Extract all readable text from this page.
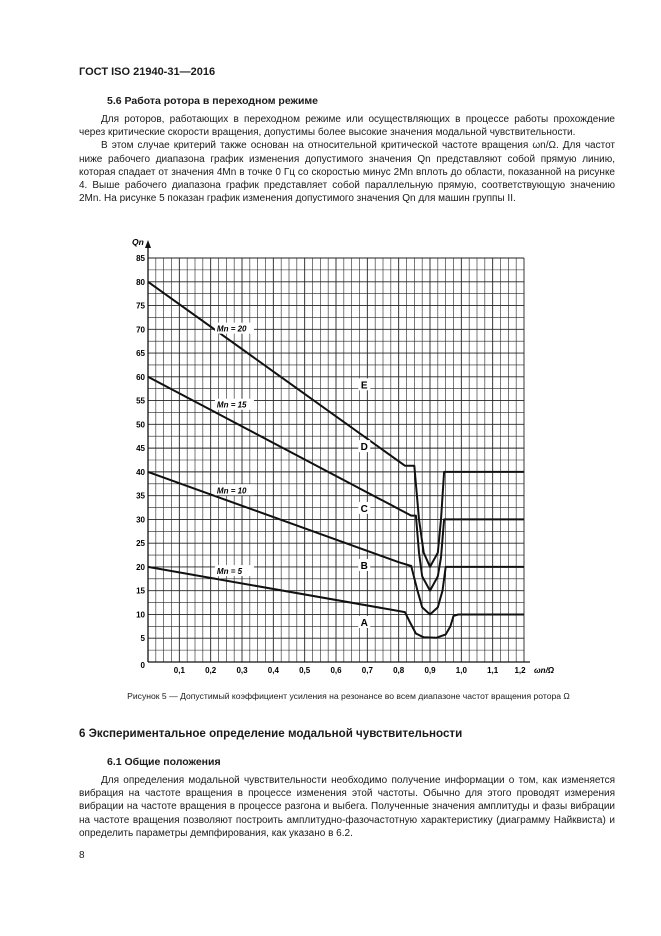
ГОСТ ISO 21940-31—2016
5.6 Работа ротора в переходном режиме

Для роторов, работающих в переходном режиме или осуществляющих в процессе работы прохождение через критические скорости вращения, допустимы более высокие значения модальной чувствительности.

В этом случае критерий также основан на относительной критической частоте вращения ωn/Ω. Для частот ниже рабочего диапазона график изменения допустимого значения Qn представляют собой прямую линию, которая спадает от значения 4Mn в точке 0 Гц со скоростью минус 2Mn вплоть до области, показанной на рисунке 4. Выше рабочего диапазона график представляет собой параллельную прямую, соответствующую значению 2Mn. На рисунке 5 показан график изменения допустимого значения Qn для машин группы II.

5
10
15
20
25
30
35
40
45
50
55
60
65
70
75
80
85
0
0,1	0,2	0,3	0,4	0,5	0,6	0,7	0,8	0,9	1,0	1,1 1,2 ωn/Ω
Qn
Mn = 20
Mn = 15
Mn = 10
Mn = 5
A
B
C
D
E
Рисунок 5 — Допустимый коэффициент усиления на резонансе во всем диапазоне частот вращения ротора Ω
6 Экспериментальное определение модальной чувствительности
6.1 Общие положения

Для определения модальной чувствительности необходимо получение информации о том, как изменяется вибрация на частоте вращения в процессе изменения этой частоты. Обычно для этого проводят измерения вибрации на частоте вращения в процессе разгона и выбега. Полученные значения амплитуды и фазы вибрации на частоте вращения позволяют построить амплитудно-фазочастотную характеристику (диаграмму Найквиста) и определить параметры демпфирования, как указано в 6.2.

8
